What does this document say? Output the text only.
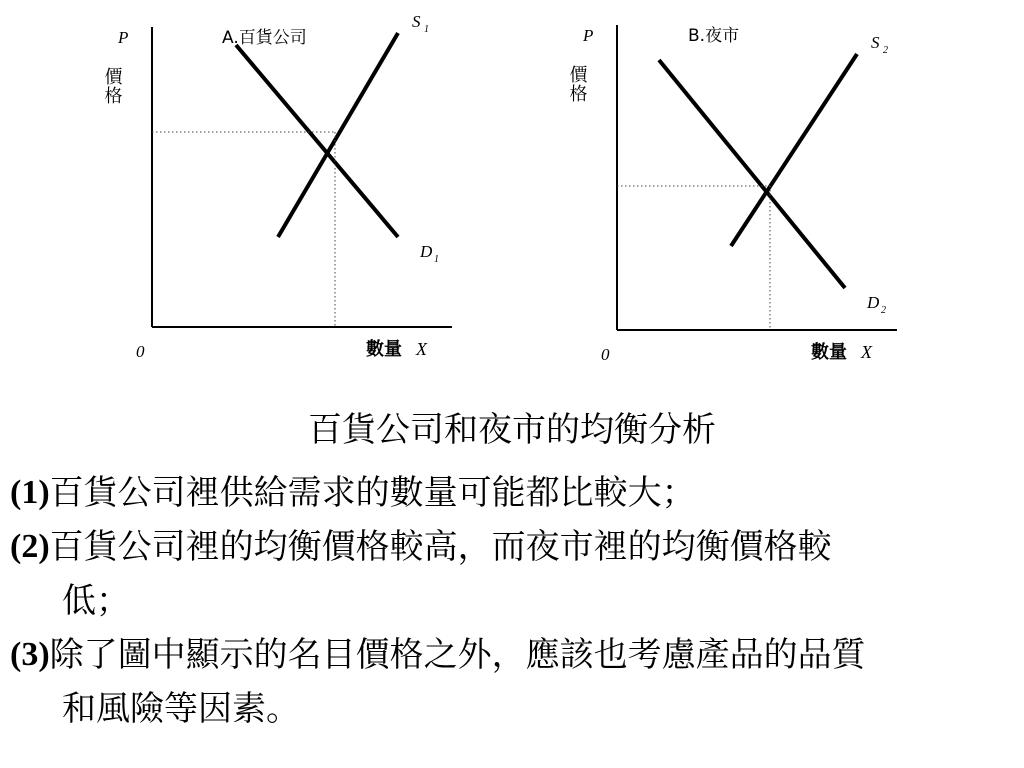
P
價格
A.百貨公司
0	數量 X
S 1
D 1
P
價格
B.夜市
0	數量 X
S 2
D 2
百貨公司和夜市的均衡分析
(1) 百貨公司裡供給需求的數量可能都比較大；
(2) 百貨公司裡的均衡價格較高，而夜市裡的均衡價格較
低；
(3) 除了圖中顯示的名目價格之外，應該也考慮產品的品質
和風險等因素。
